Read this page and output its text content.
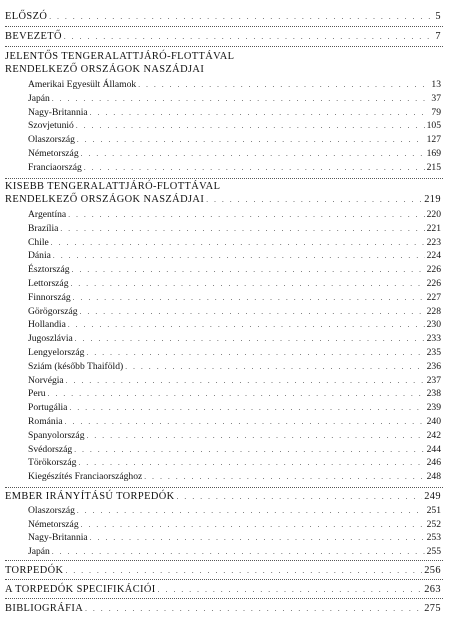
ELŐSZÓ . . .	5
BEVEZETŐ . . .	7
JELENTŐS TENGERALATTJÁRÓ-FLOTTÁVAL
RENDELKEZŐ ORSZÁGOK NASZÁDJAI
Amerikai Egyesült Államok . . .	13
Japán . . .	37
Nagy-Britannia . . .	79
Szovjetunió . . .	105
Olaszország . . .	127
Németország . . .	169
Franciaország . . .	215
KISEBB TENGERALATTJÁRÓ-FLOTTÁVAL
RENDELKEZŐ ORSZÁGOK NASZÁDJAI . . .	219
Argentína . . .	220
Brazília . . .	221
Chile . . .	223
Dánia . . .	224
Észtország . . .	226
Lettország . . .	226
Finnország . . .	227
Görögország . . .	228
Hollandia . . .	230
Jugoszlávia . . .	233
Lengyelország . . .	235
Sziám (később Thaiföld) . . .	236
Norvégia . . .	237
Peru . . .	238
Portugália . . .	239
Románia . . .	240
Spanyolország . . .	242
Svédország . . .	244
Törökország . . .	246
Kiegészítés Franciaországhoz . . .	248
EMBER IRÁNYÍTÁSÚ TORPEDÓK . . .	249
Olaszország . . .	251
Németország . . .	252
Nagy-Britannia . . .	253
Japán . . .	255
TORPEDÓK . . .	256
A TORPEDÓK SPECIFIKÁCIÓI . . .	263
BIBLIOGRÁFIA . . .	275
